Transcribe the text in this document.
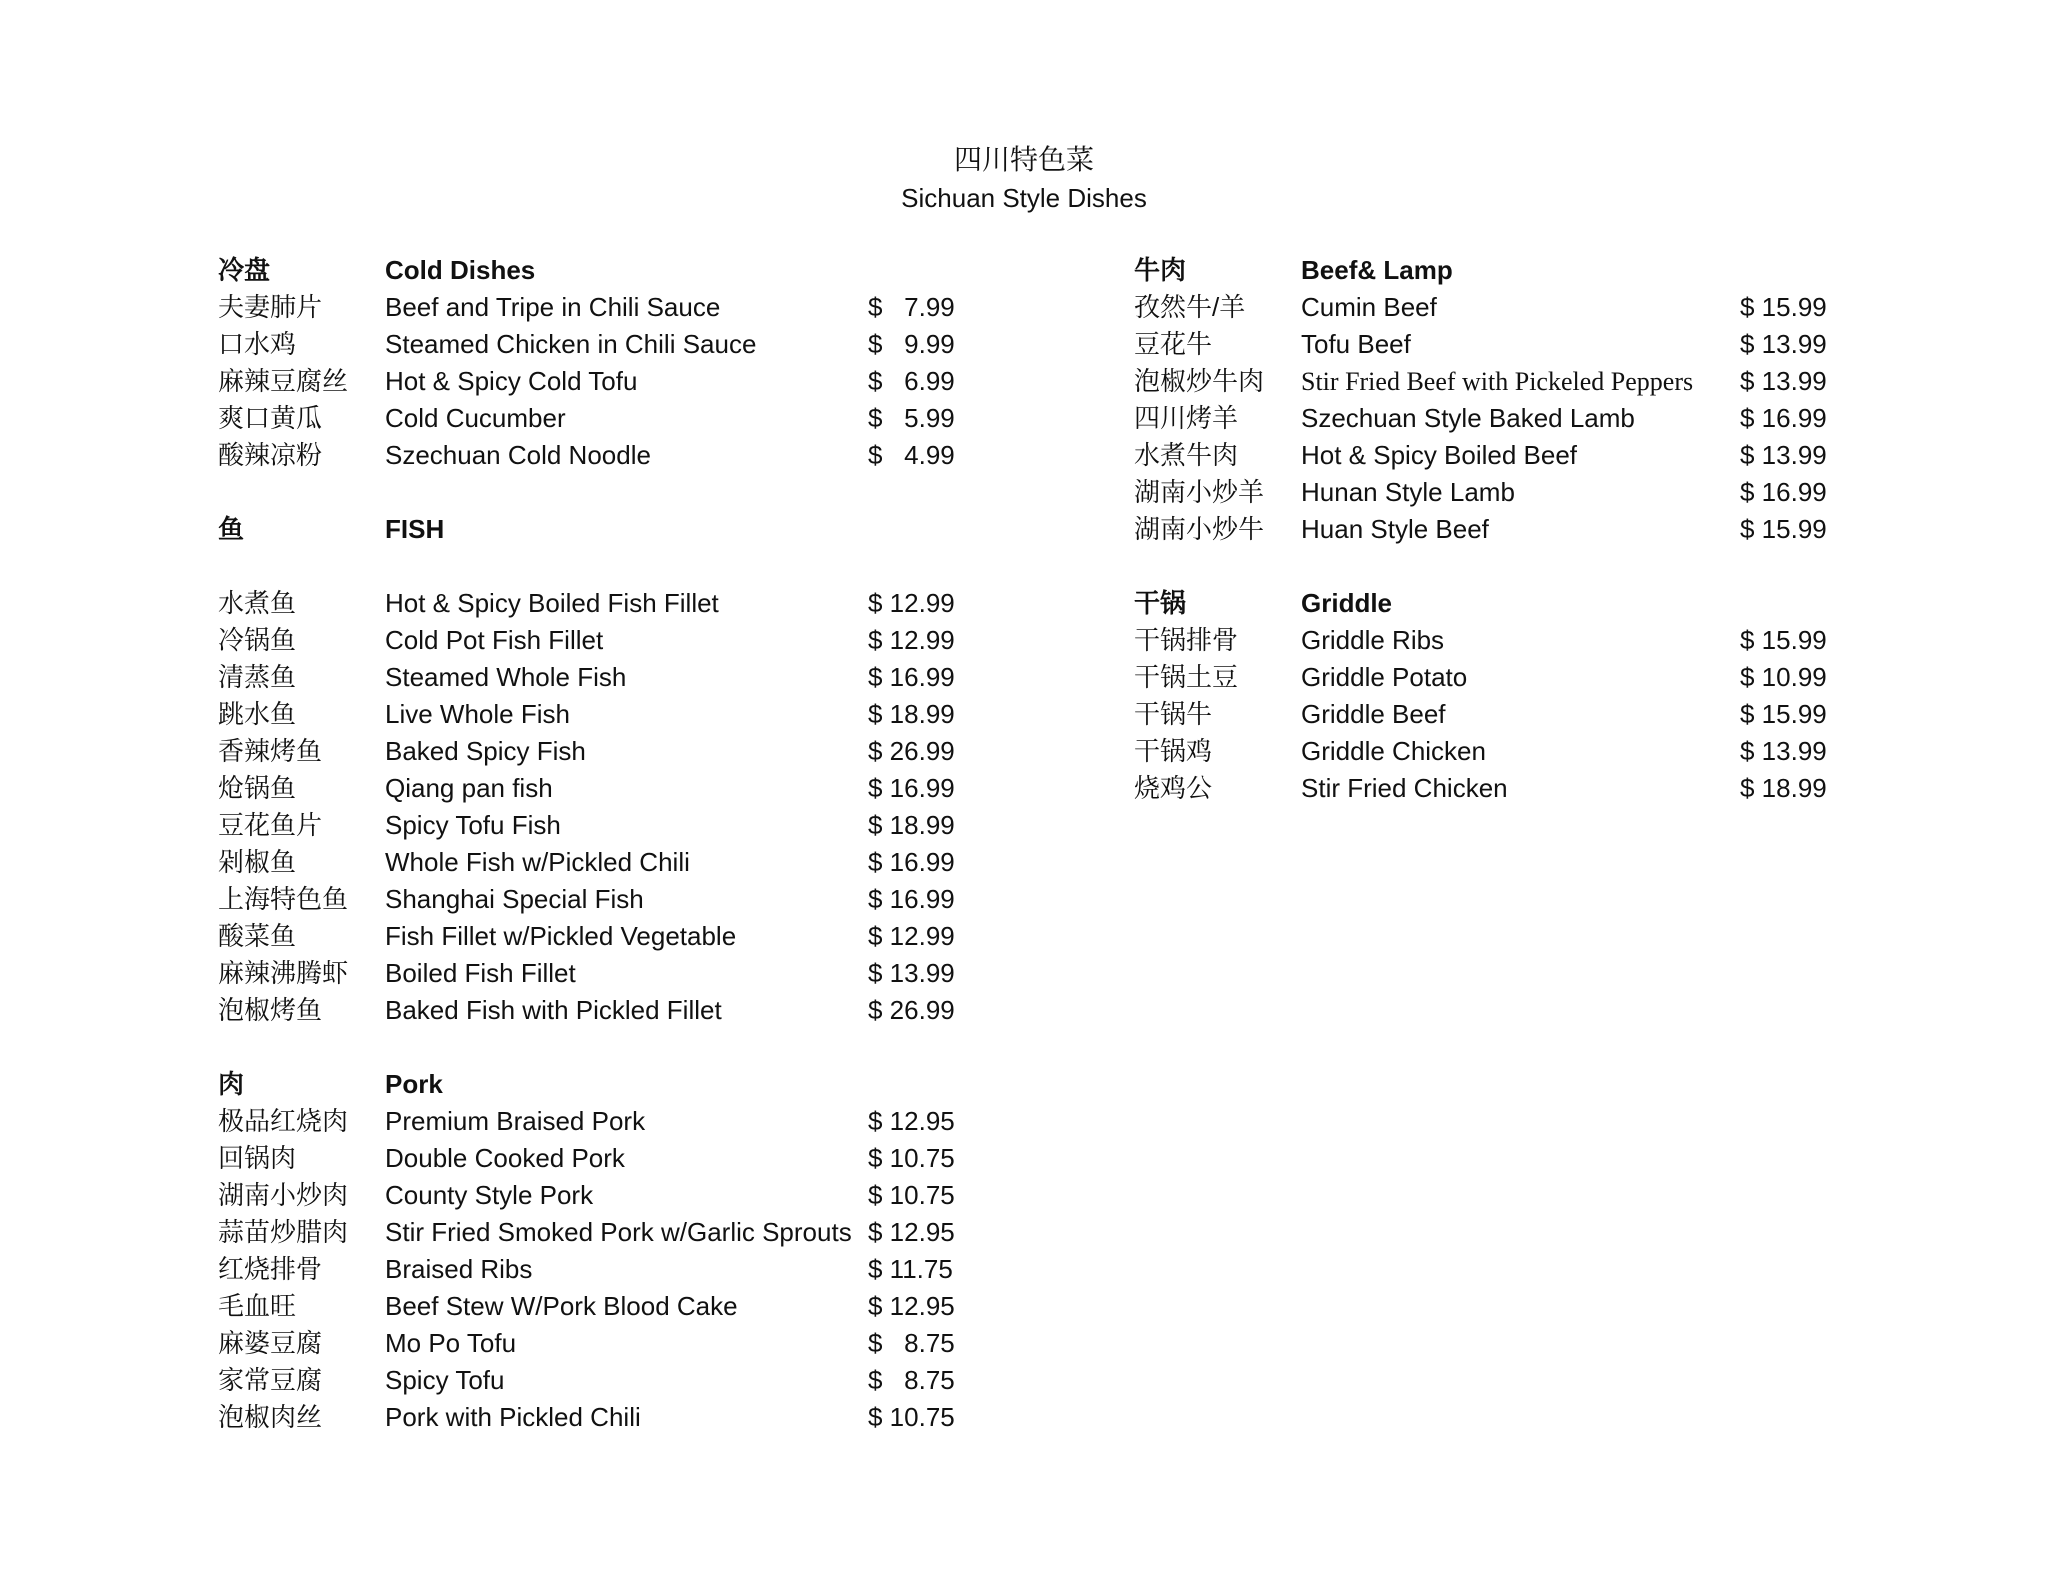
四川特色菜
Sichuan Style Dishes
冷盘	Cold Dishes
夫妻肺片 Beef and Tripe in Chili Sauce	$   7.99
口水鸡	Steamed Chicken in Chili Sauce	$   9.99
麻辣豆腐丝 Hot & Spicy Cold Tofu	$   6.99
爽口黄瓜 Cold Cucumber	$   5.99
酸辣凉粉 Szechuan Cold Noodle	$   4.99
鱼	FISH
水煮鱼	Hot & Spicy Boiled Fish Fillet	$ 12.99
冷锅鱼	Cold Pot Fish Fillet	$ 12.99
清蒸鱼	Steamed Whole Fish	$ 16.99
跳水鱼	Live Whole Fish	$ 18.99
香辣烤鱼 Baked Spicy Fish	$ 26.99
炝锅鱼	Qiang pan fish	$ 16.99
豆花鱼片 Spicy Tofu Fish	$ 18.99
剁椒鱼	Whole Fish w/Pickled Chili	$ 16.99
上海特色鱼 Shanghai Special Fish	$ 16.99
酸菜鱼	Fish Fillet w/Pickled Vegetable	$ 12.99
麻辣沸腾虾 Boiled Fish Fillet	$ 13.99
泡椒烤鱼 Baked Fish with Pickled Fillet	$ 26.99
肉	Pork
极品红烧肉 Premium Braised Pork	$ 12.95
回锅肉	Double Cooked Pork	$ 10.75
湖南小炒肉 County Style Pork	$ 10.75
蒜苗炒腊肉 Stir Fried Smoked Pork w/Garlic Sprouts $ 12.95
红烧排骨 Braised Ribs	$ 11.75
毛血旺	Beef Stew W/Pork Blood Cake	$ 12.95
麻婆豆腐 Mo Po Tofu	$   8.75
家常豆腐 Spicy Tofu	$   8.75
泡椒肉丝 Pork with Pickled Chili	$ 10.75
牛肉	Beef& Lamp
孜然牛/羊 Cumin Beef	$ 15.99
豆花牛	Tofu Beef	$ 13.99
泡椒炒牛肉 Stir Fried Beef with Pickeled Peppers $ 13.99
四川烤羊 Szechuan Style Baked Lamb	$ 16.99
水煮牛肉 Hot & Spicy Boiled Beef	$ 13.99
湖南小炒羊 Hunan Style Lamb	$ 16.99
湖南小炒牛 Huan Style Beef	$ 15.99
干锅	Griddle
干锅排骨 Griddle Ribs	$ 15.99
干锅土豆 Griddle Potato	$ 10.99
干锅牛	Griddle Beef	$ 15.99
干锅鸡	Griddle Chicken	$ 13.99
烧鸡公	Stir Fried Chicken	$ 18.99
